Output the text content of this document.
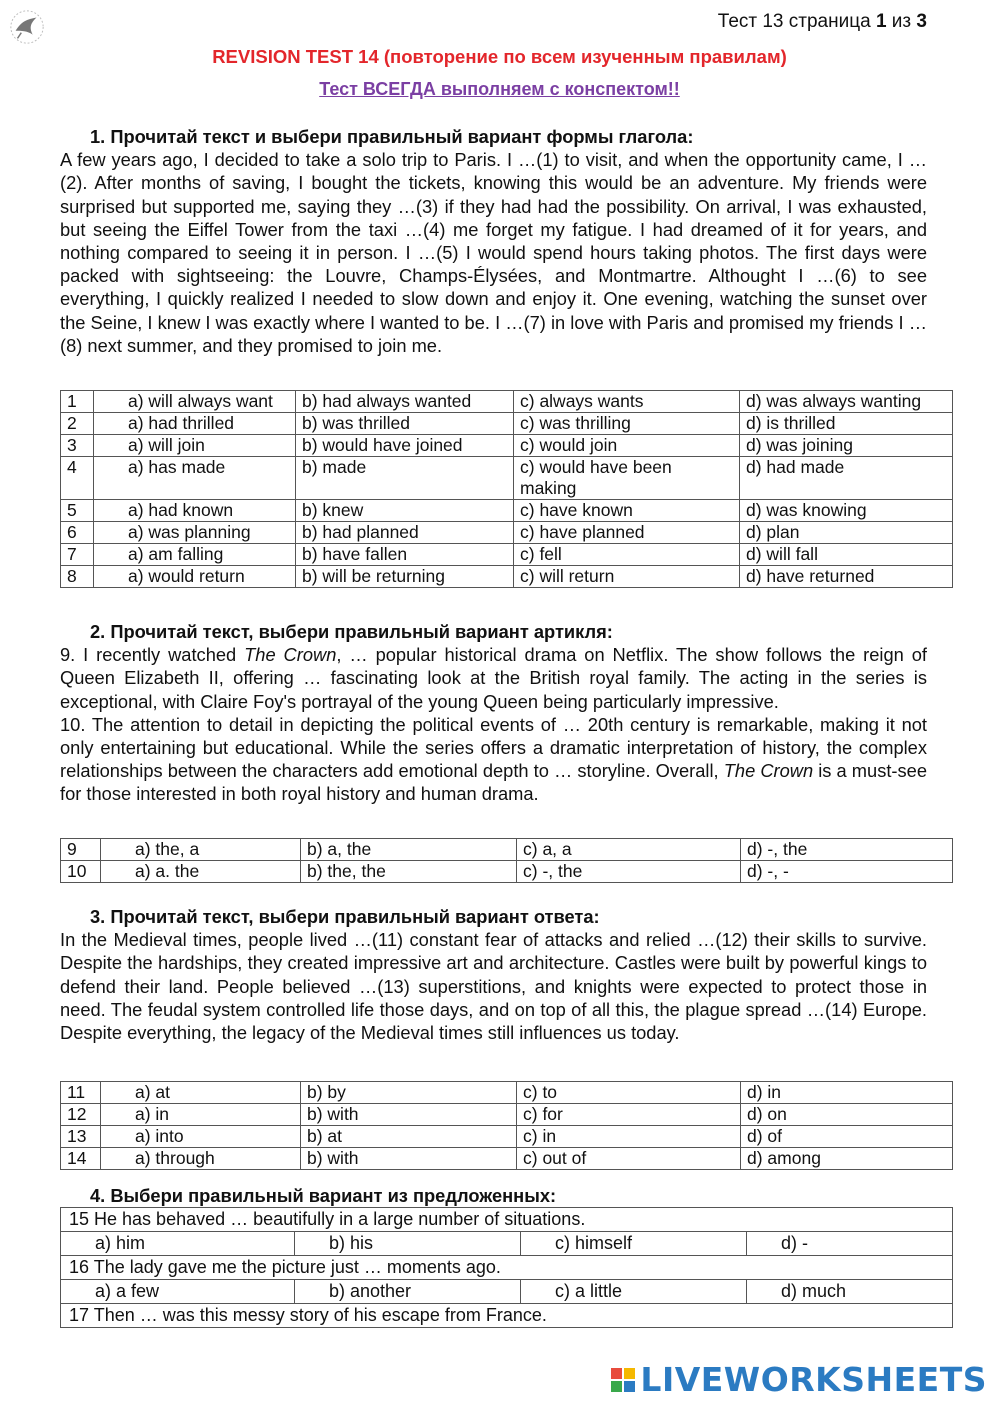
Тест 13 страница 1 из 3
REVISION TEST 14 (повторение по всем изученным правилам)
Тест ВСЕГДА выполняем с конспектом!!
1. Прочитай текст и выбери правильный вариант формы глагола:

A few years ago, I decided to take a solo trip to Paris. I …(1) to visit, and when the opportunity came, I …(2). After months of saving, I bought the tickets, knowing this would be an adventure. My friends were surprised but supported me, saying they …(3) if they had had the possibility. On arrival, I was exhausted, but seeing the Eiffel Tower from the taxi …(4) me forget my fatigue. I had dreamed of it for years, and nothing compared to seeing it in person. I …(5) I would spend hours taking photos. The first days were packed with sightseeing: the Louvre, Champs-Élysées, and Montmartre. Althought I …(6) to see everything, I quickly realized I needed to slow down and enjoy it. One evening, watching the sunset over the Seine, I knew I was exactly where I wanted to be. I …(7) in love with Paris and promised my friends I …(8) next summer, and they promised to join me.

1	a) will always want	b) had always wanted	c) always wants	d) was always wanting
2	a) had thrilled	b) was thrilled	c) was thrilling	d) is thrilled
3	a) will join	b) would have joined	c) would join	d) was joining
4	a) has made	b) made	c) would have been making	d) had made
5	a) had known	b) knew	c) have known	d) was knowing
6	a) was planning	b) had planned	c) have planned	d) plan
7	a) am falling	b) have fallen	c) fell	d) will fall
8	a) would return	b) will be returning	c) will return	d) have returned
2. Прочитай текст, выбери правильный вариант артикля:

9. I recently watched The Crown, … popular historical drama on Netflix. The show follows the reign of Queen Elizabeth II, offering … fascinating look at the British royal family. The acting in the series is exceptional, with Claire Foy's portrayal of the young Queen being particularly impressive.

10. The attention to detail in depicting the political events of … 20th century is remarkable, making it not only entertaining but educational. While the series offers a dramatic interpretation of history, the complex relationships between the characters add emotional depth to … storyline. Overall, The Crown is a must-see for those interested in both royal history and human drama.

9	a) the, a	b) a, the	c) a, a	d) -, the
10	a) a. the	b) the, the	c) -, the	d) -, -
3. Прочитай текст, выбери правильный вариант ответа:

In the Medieval times, people lived …(11) constant fear of attacks and relied …(12) their skills to survive. Despite the hardships, they created impressive art and architecture. Castles were built by powerful kings to defend their land. People believed …(13) superstitions, and knights were expected to protect those in need. The feudal system controlled life those days, and on top of all this, the plague spread …(14) Europe. Despite everything, the legacy of the Medieval times still influences us today.

11	a) at	b) by	c) to	d) in
12	a) in	b) with	c) for	d) on
13	a) into	b) at	c) in	d) of
14	a) through	b) with	c) out of	d) among
4. Выбери правильный вариант из предложенных:
15 He has behaved … beautifully in a large number of situations.			
a) him	b) his	c) himself	d) -
16 The lady gave me the picture just … moments ago.			
a) a few	b) another	c) a little	d) much
17 Then … was this messy story of his escape from France.			
LIVEWORKSHEETS
